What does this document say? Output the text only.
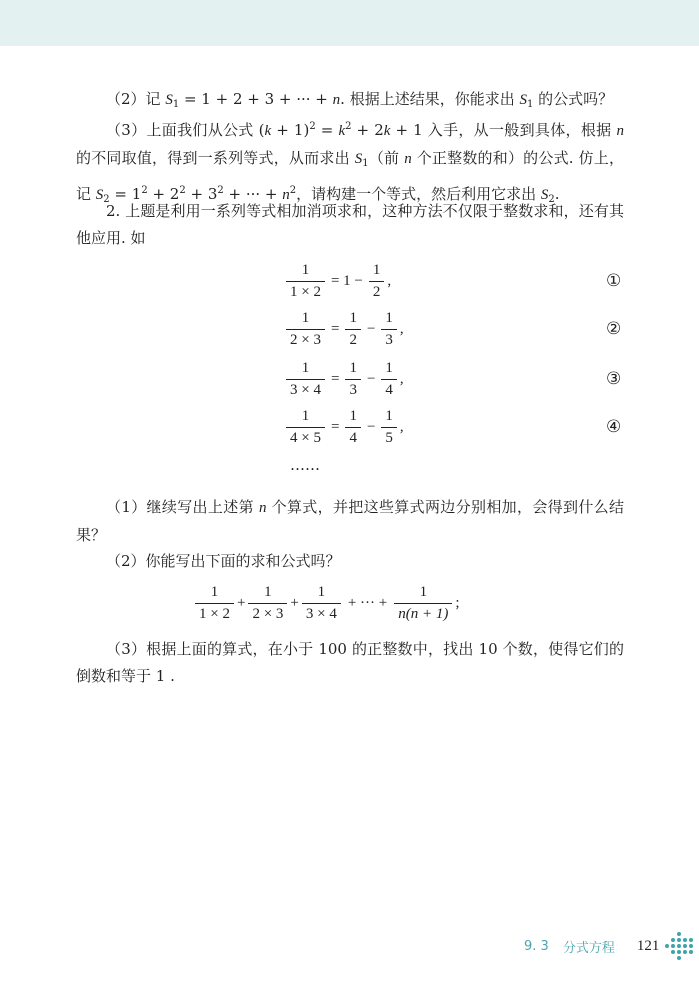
（2）记 $S_1 = 1 + 2 + 3$ + ··· + n. 根据上述结果，你能求出 $S_1$ 的公式吗？
（3）上面我们从公式 $(k + 1)^2 = k^2 + 2k + 1$ 入手，从一般到具体，根据 n 的不同取值，得到一系列等式，从而求出 $S_1$（前 n 个正整数的和）的公式. 仿上，记 $S_2 = 1^2 + 2^2 + 3^2$ + ··· + $n^2$，请构建一个等式，然后利用它求出 $S_2$.
2. 上题是利用一系列等式相加消项求和，这种方法不仅限于整数求和，还有其他应用. 如
$\frac{1}{1 \times 2} = 1 - \frac{1}{2}$ ,	①
$\frac{1}{2 \times 3} = \frac{1}{2} - \frac{1}{3}$ ,	②
$\frac{1}{3 \times 4} = \frac{1}{3} - \frac{1}{4}$ ,	③
$\frac{1}{4 \times 5} = \frac{1}{4} - \frac{1}{5}$ ,	④
……
（1）继续写出上述第 n 个算式，并把这些算式两边分别相加，会得到什么结果？
（2）你能写出下面的求和公式吗？
$\frac{1}{1 \times 2} + \frac{1}{2 \times 3} + \frac{1}{3 \times 4}$ + ··· + $\frac{1}{n(n + 1)}$ ;
（3）根据上面的算式，在小于 100 的正整数中，找出 10 个数，使得它们的倒数和等于 1 .
9. 3 分式方程 121
